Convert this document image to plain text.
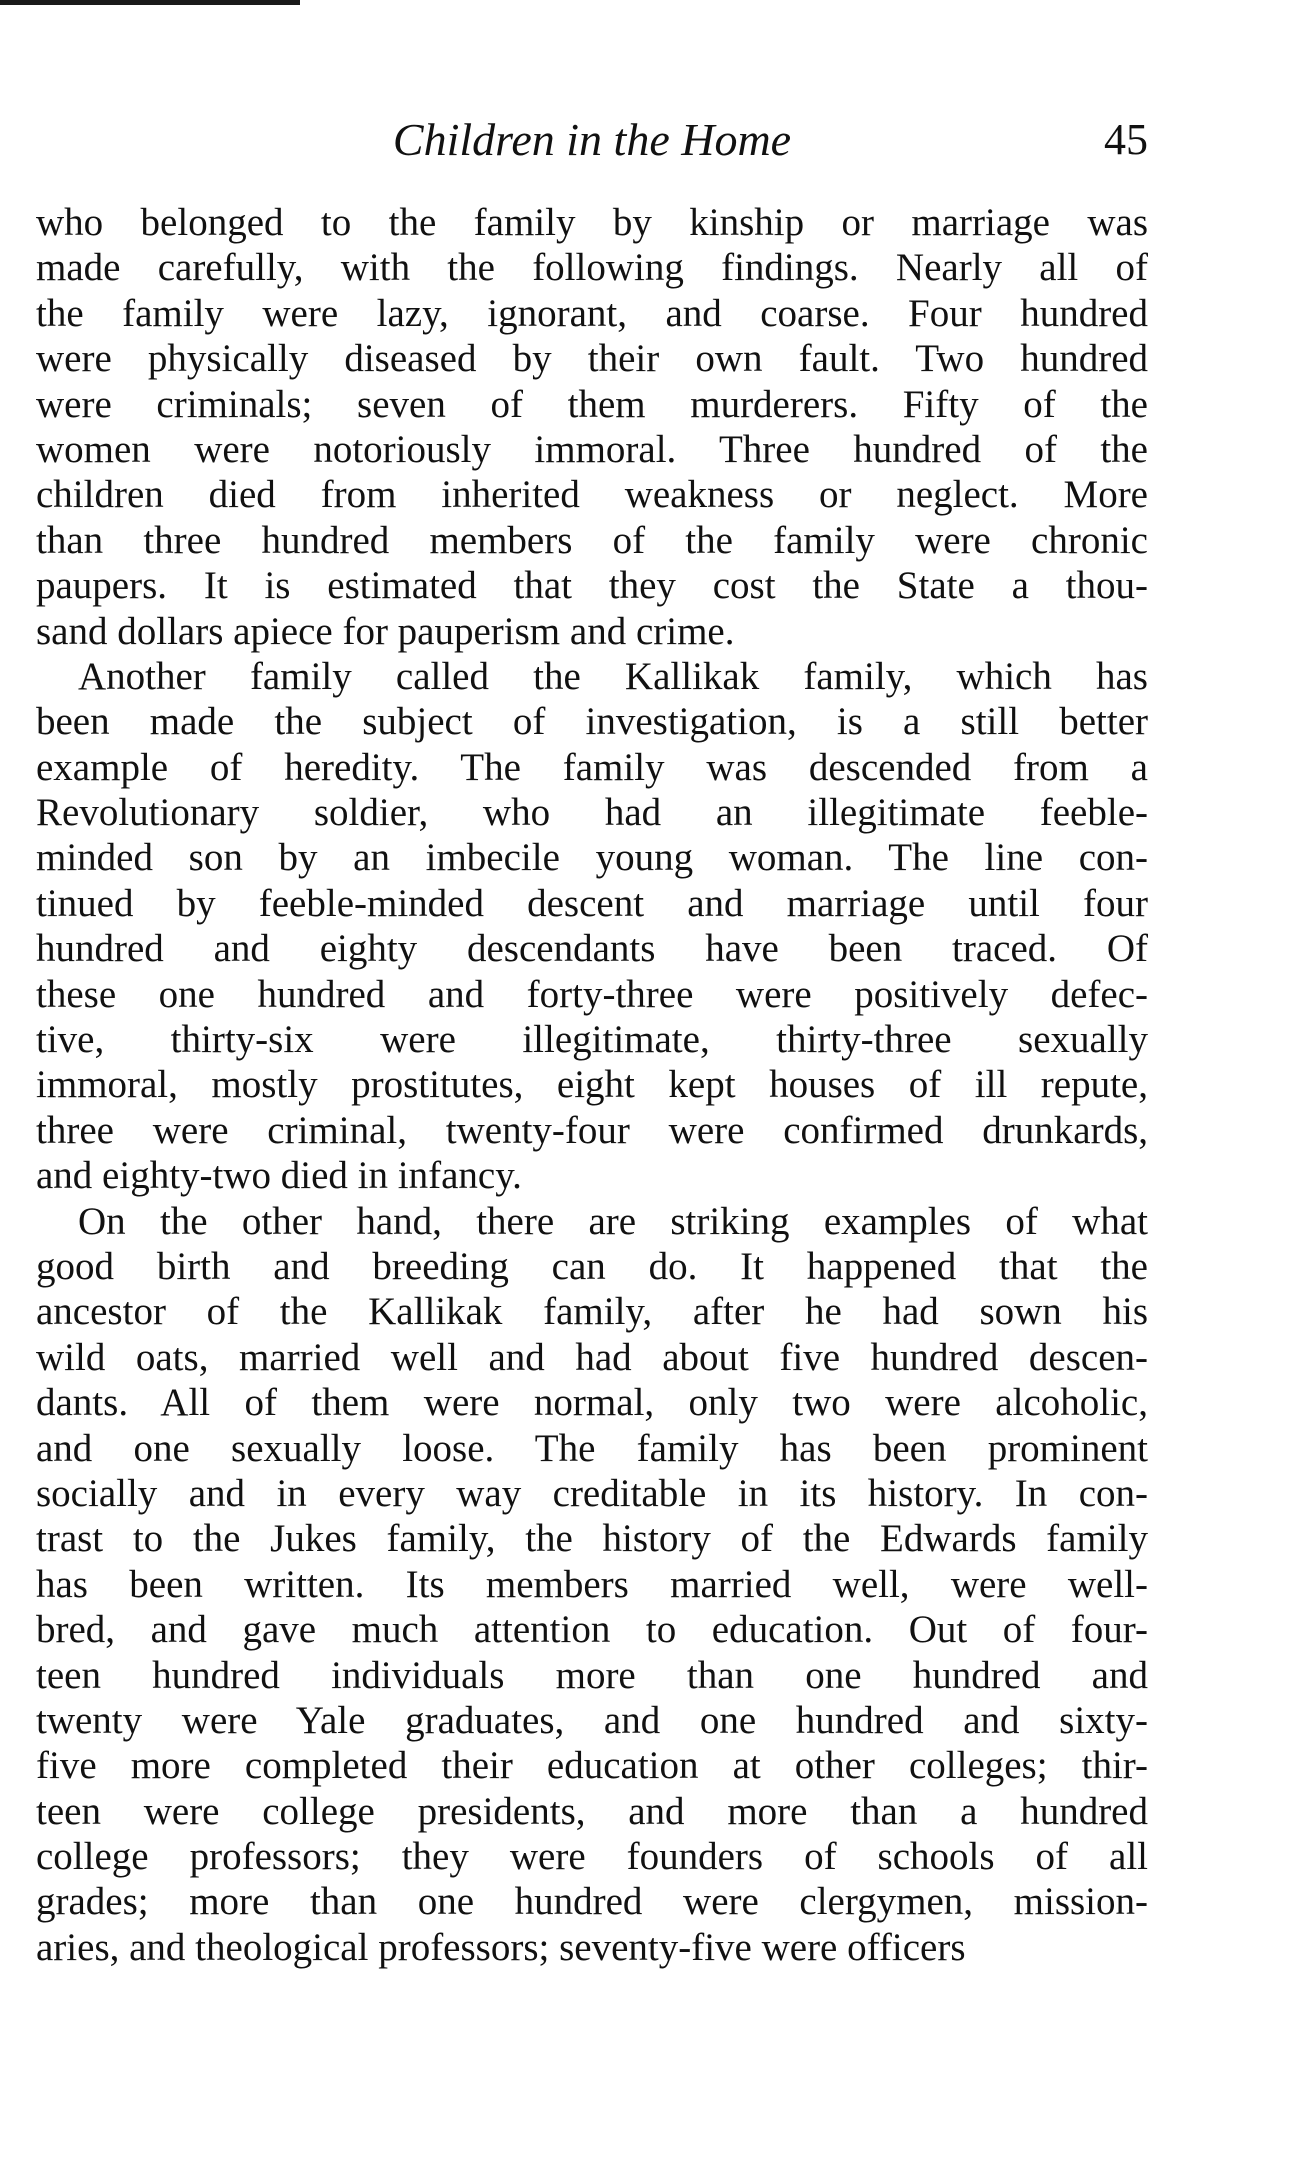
Children in the Home	45
who belonged to the family by kinship or marriage was
made carefully, with the following findings. Nearly all of
the family were lazy, ignorant, and coarse. Four hundred
were physically diseased by their own fault. Two hundred
were criminals; seven of them murderers. Fifty of the
women were notoriously immoral. Three hundred of the
children died from inherited weakness or neglect. More
than three hundred members of the family were chronic
paupers. It is estimated that they cost the State a thou-
sand dollars apiece for pauperism and crime.
Another family called the Kallikak family, which has
been made the subject of investigation, is a still better
example of heredity. The family was descended from a
Revolutionary soldier, who had an illegitimate feeble-
minded son by an imbecile young woman. The line con-
tinued by feeble-minded descent and marriage until four
hundred and eighty descendants have been traced. Of
these one hundred and forty-three were positively defec-
tive, thirty-six were illegitimate, thirty-three sexually
immoral, mostly prostitutes, eight kept houses of ill repute,
three were criminal, twenty-four were confirmed drunkards,
and eighty-two died in infancy.
On the other hand, there are striking examples of what
good birth and breeding can do. It happened that the
ancestor of the Kallikak family, after he had sown his
wild oats, married well and had about five hundred descen-
dants. All of them were normal, only two were alcoholic,
and one sexually loose. The family has been prominent
socially and in every way creditable in its history. In con-
trast to the Jukes family, the history of the Edwards family
has been written. Its members married well, were well-
bred, and gave much attention to education. Out of four-
teen hundred individuals more than one hundred and
twenty were Yale graduates, and one hundred and sixty-
five more completed their education at other colleges; thir-
teen were college presidents, and more than a hundred
college professors; they were founders of schools of all
grades; more than one hundred were clergymen, mission-
aries, and theological professors; seventy-five were officers
